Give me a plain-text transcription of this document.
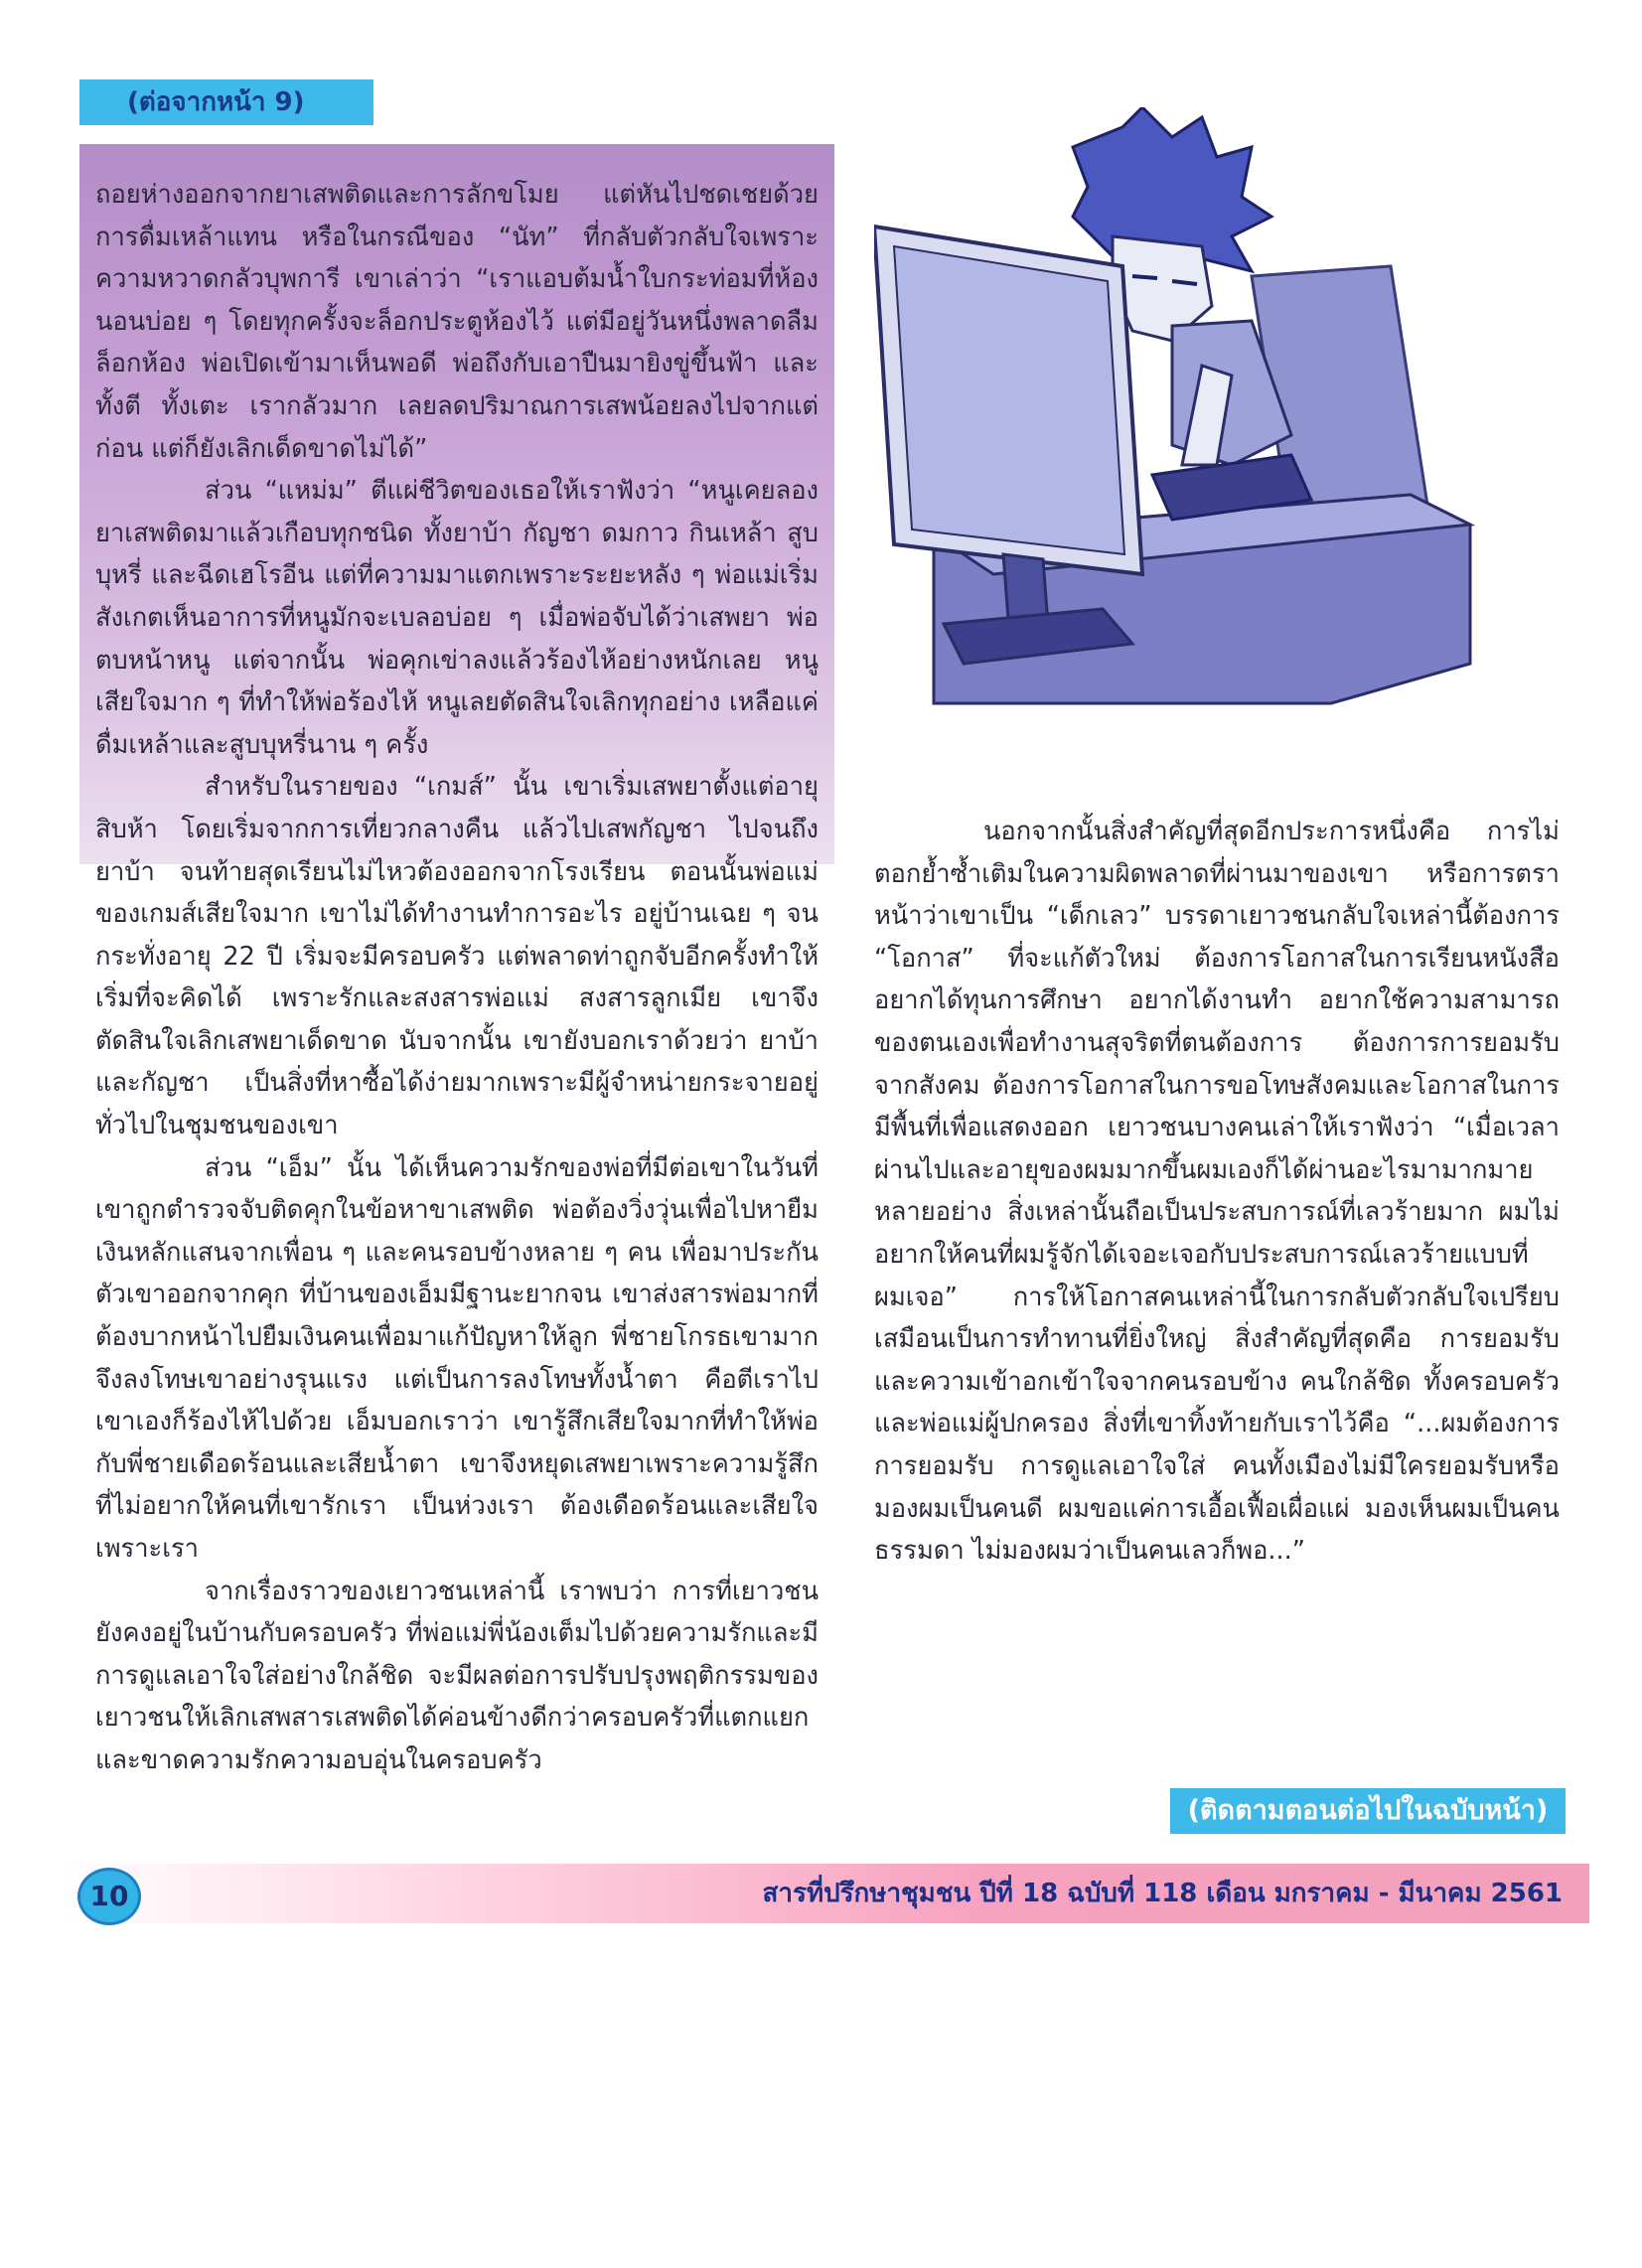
(ต่อจากหน้า 9)

ถอยห่างออกจากยาเสพติดและการลักขโมย แต่หันไปชดเชยด้วยการดื่มเหล้าแทน หรือในกรณีของ “นัท” ที่กลับตัวกลับใจเพราะความหวาดกลัวบุพการี เขาเล่าว่า “เราแอบต้มน้ำใบกระท่อมที่ห้องนอนบ่อย ๆ โดยทุกครั้งจะล็อกประตูห้องไว้ แต่มีอยู่วันหนึ่งพลาดลืมล็อกห้อง พ่อเปิดเข้ามาเห็นพอดี พ่อถึงกับเอาปืนมายิงขู่ขึ้นฟ้า และทั้งตี ทั้งเตะ เรากลัวมาก เลยลดปริมาณการเสพน้อยลงไปจากแต่ก่อน แต่ก็ยังเลิกเด็ดขาดไม่ได้”

ส่วน “แหม่ม” ตีแผ่ชีวิตของเธอให้เราฟังว่า “หนูเคยลองยาเสพติดมาแล้วเกือบทุกชนิด ทั้งยาบ้า กัญชา ดมกาว กินเหล้า สูบบุหรี่ และฉีดเฮโรอีน แต่ที่ความมาแตกเพราะระยะหลัง ๆ พ่อแม่เริ่มสังเกตเห็นอาการที่หนูมักจะเบลอบ่อย ๆ เมื่อพ่อจับได้ว่าเสพยา พ่อตบหน้าหนู แต่จากนั้น พ่อคุกเข่าลงแล้วร้องไห้อย่างหนักเลย หนูเสียใจมาก ๆ ที่ทำให้พ่อร้องไห้ หนูเลยตัดสินใจเลิกทุกอย่าง เหลือแค่ดื่มเหล้าและสูบบุหรี่นาน ๆ ครั้ง

สำหรับในรายของ “เกมส์” นั้น เขาเริ่มเสพยาตั้งแต่อายุสิบห้า โดยเริ่มจากการเที่ยวกลางคืน แล้วไปเสพกัญชา ไปจนถึงยาบ้า จนท้ายสุดเรียนไม่ไหวต้องออกจากโรงเรียน ตอนนั้นพ่อแม่ของเกมส์เสียใจมาก เขาไม่ได้ทำงานทำการอะไร อยู่บ้านเฉย ๆ จนกระทั่งอายุ 22 ปี เริ่มจะมีครอบครัว แต่พลาดท่าถูกจับอีกครั้งทำให้เริ่มที่จะคิดได้ เพราะรักและสงสารพ่อแม่ สงสารลูกเมีย เขาจึงตัดสินใจเลิกเสพยาเด็ดขาด นับจากนั้น เขายังบอกเราด้วยว่า ยาบ้าและกัญชา เป็นสิ่งที่หาซื้อได้ง่ายมากเพราะมีผู้จำหน่ายกระจายอยู่ทั่วไปในชุมชนของเขา

ส่วน “เอ็ม” นั้น ได้เห็นความรักของพ่อที่มีต่อเขาในวันที่เขาถูกตำรวจจับติดคุกในข้อหาขาเสพติด พ่อต้องวิ่งวุ่นเพื่อไปหายืมเงินหลักแสนจากเพื่อน ๆ และคนรอบข้างหลาย ๆ คน เพื่อมาประกันตัวเขาออกจากคุก ที่บ้านของเอ็มมีฐานะยากจน เขาส่งสารพ่อมากที่ต้องบากหน้าไปยืมเงินคนเพื่อมาแก้ปัญหาให้ลูก พี่ชายโกรธเขามาก จึงลงโทษเขาอย่างรุนแรง แต่เป็นการลงโทษทั้งน้ำตา คือตีเราไปเขาเองก็ร้องไห้ไปด้วย เอ็มบอกเราว่า เขารู้สึกเสียใจมากที่ทำให้พ่อกับพี่ชายเดือดร้อนและเสียน้ำตา เขาจึงหยุดเสพยาเพราะความรู้สึกที่ไม่อยากให้คนที่เขารักเรา เป็นห่วงเรา ต้องเดือดร้อนและเสียใจเพราะเรา

จากเรื่องราวของเยาวชนเหล่านี้ เราพบว่า การที่เยาวชน ยังคงอยู่ในบ้านกับครอบครัว ที่พ่อแม่พี่น้องเต็มไปด้วยความรักและมีการดูแลเอาใจใส่อย่างใกล้ชิด จะมีผลต่อการปรับปรุงพฤติกรรมของเยาวชนให้เลิกเสพสารเสพติดได้ค่อนข้างดีกว่าครอบครัวที่แตกแยกและขาดความรักความอบอุ่นในครอบครัว

นอกจากนั้นสิ่งสำคัญที่สุดอีกประการหนึ่งคือ การไม่ตอกย้ำซ้ำเติมในความผิดพลาดที่ผ่านมาของเขา หรือการตราหน้าว่าเขาเป็น “เด็กเลว” บรรดาเยาวชนกลับใจเหล่านี้ต้องการ “โอกาส” ที่จะแก้ตัวใหม่ ต้องการโอกาสในการเรียนหนังสือ อยากได้ทุนการศึกษา อยากได้งานทำ อยากใช้ความสามารถของตนเองเพื่อทำงานสุจริตที่ตนต้องการ ต้องการการยอมรับจากสังคม ต้องการโอกาสในการขอโทษสังคมและโอกาสในการมีพื้นที่เพื่อแสดงออก เยาวชนบางคนเล่าให้เราฟังว่า “เมื่อเวลาผ่านไปและอายุของผมมากขึ้นผมเองก็ได้ผ่านอะไรมามากมายหลายอย่าง สิ่งเหล่านั้นถือเป็นประสบการณ์ที่เลวร้ายมาก ผมไม่อยากให้คนที่ผมรู้จักได้เจอะเจอกับประสบการณ์เลวร้ายแบบที่ผมเจอ” การให้โอกาสคนเหล่านี้ในการกลับตัวกลับใจเปรียบเสมือนเป็นการทำทานที่ยิ่งใหญ่ สิ่งสำคัญที่สุดคือ การยอมรับ และความเข้าอกเข้าใจจากคนรอบข้าง คนใกล้ชิด ทั้งครอบครัวและพ่อแม่ผู้ปกครอง สิ่งที่เขาทิ้งท้ายกับเราไว้คือ “...ผมต้องการการยอมรับ การดูแลเอาใจใส่ คนทั้งเมืองไม่มีใครยอมรับหรือมองผมเป็นคนดี ผมขอแค่การเอื้อเฟื้อเผื่อแผ่ มองเห็นผมเป็นคนธรรมดา ไม่มองผมว่าเป็นคนเลวก็พอ...”

(ติดตามตอนต่อไปในฉบับหน้า)
10	สารที่ปรึกษาชุมชน ปีที่ 18 ฉบับที่ 118 เดือน มกราคม - มีนาคม 2561
